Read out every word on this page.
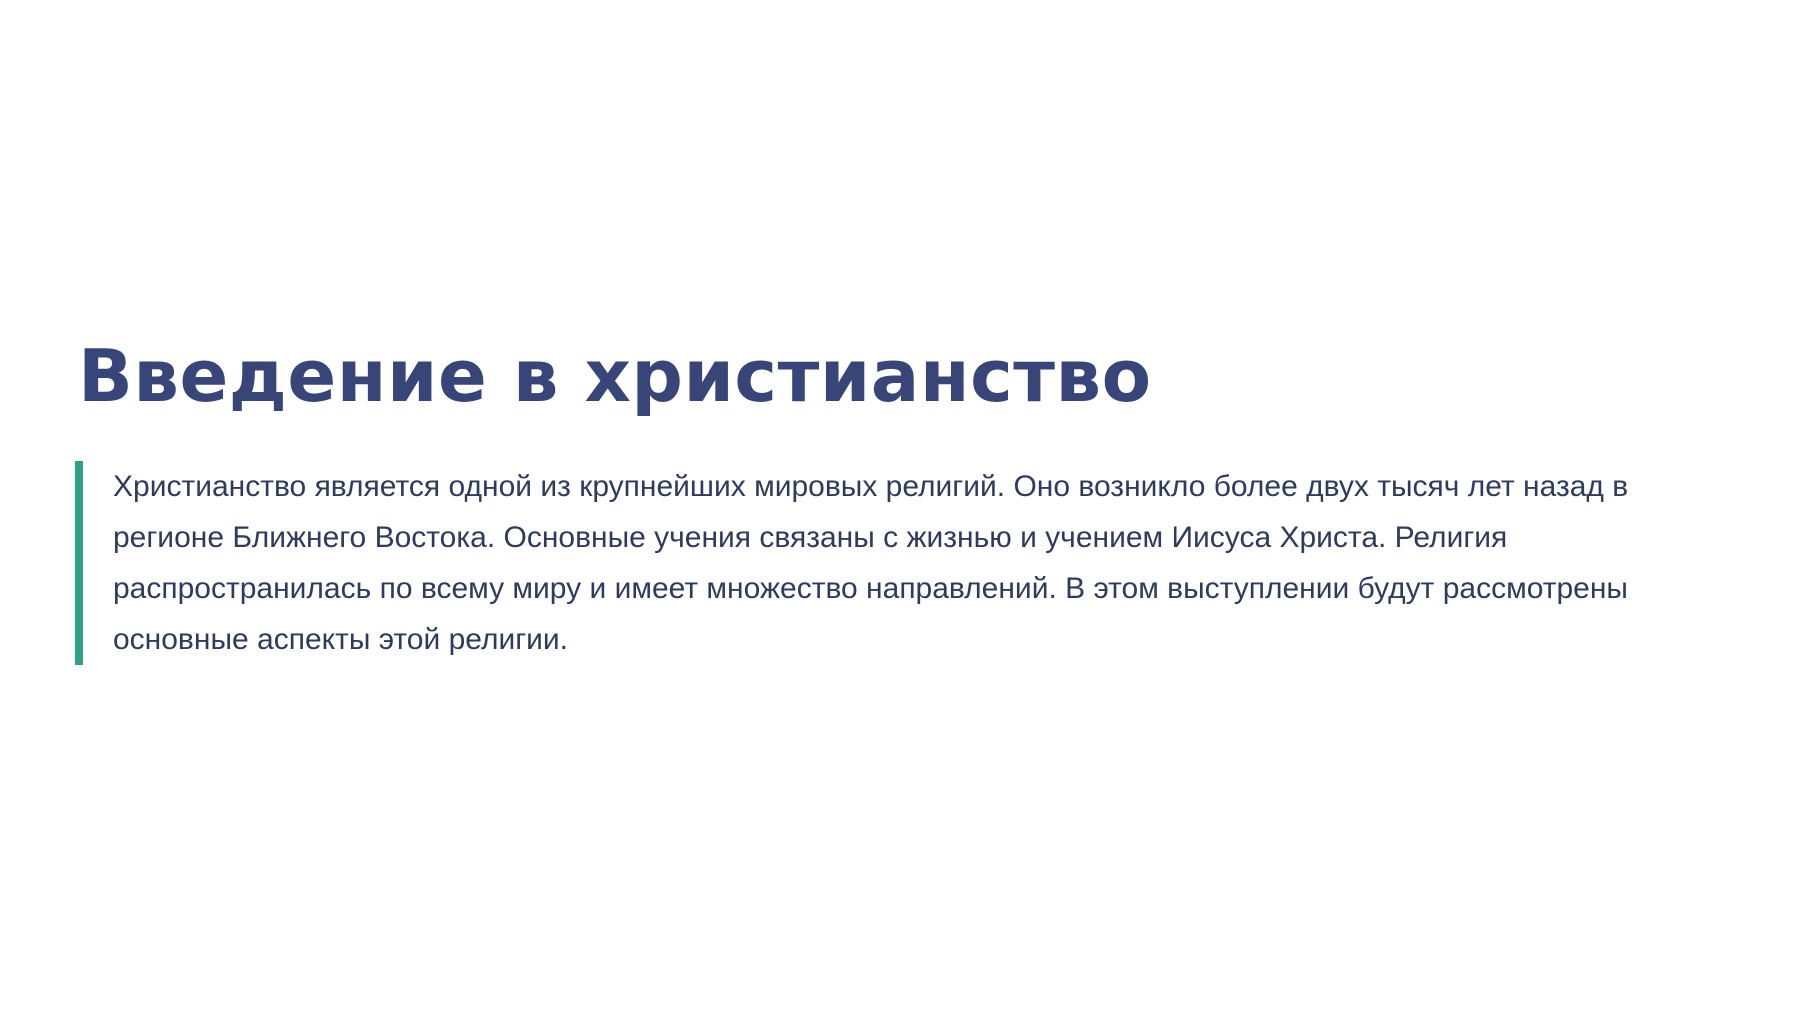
Введение в христианство

Христианство является одной из крупнейших мировых религий. Оно возникло более двух тысяч лет назад в регионе Ближнего Востока. Основные учения связаны с жизнью и учением Иисуса Христа. Религия распространилась по всему миру и имеет множество направлений. В этом выступлении будут рассмотрены основные аспекты этой религии.
